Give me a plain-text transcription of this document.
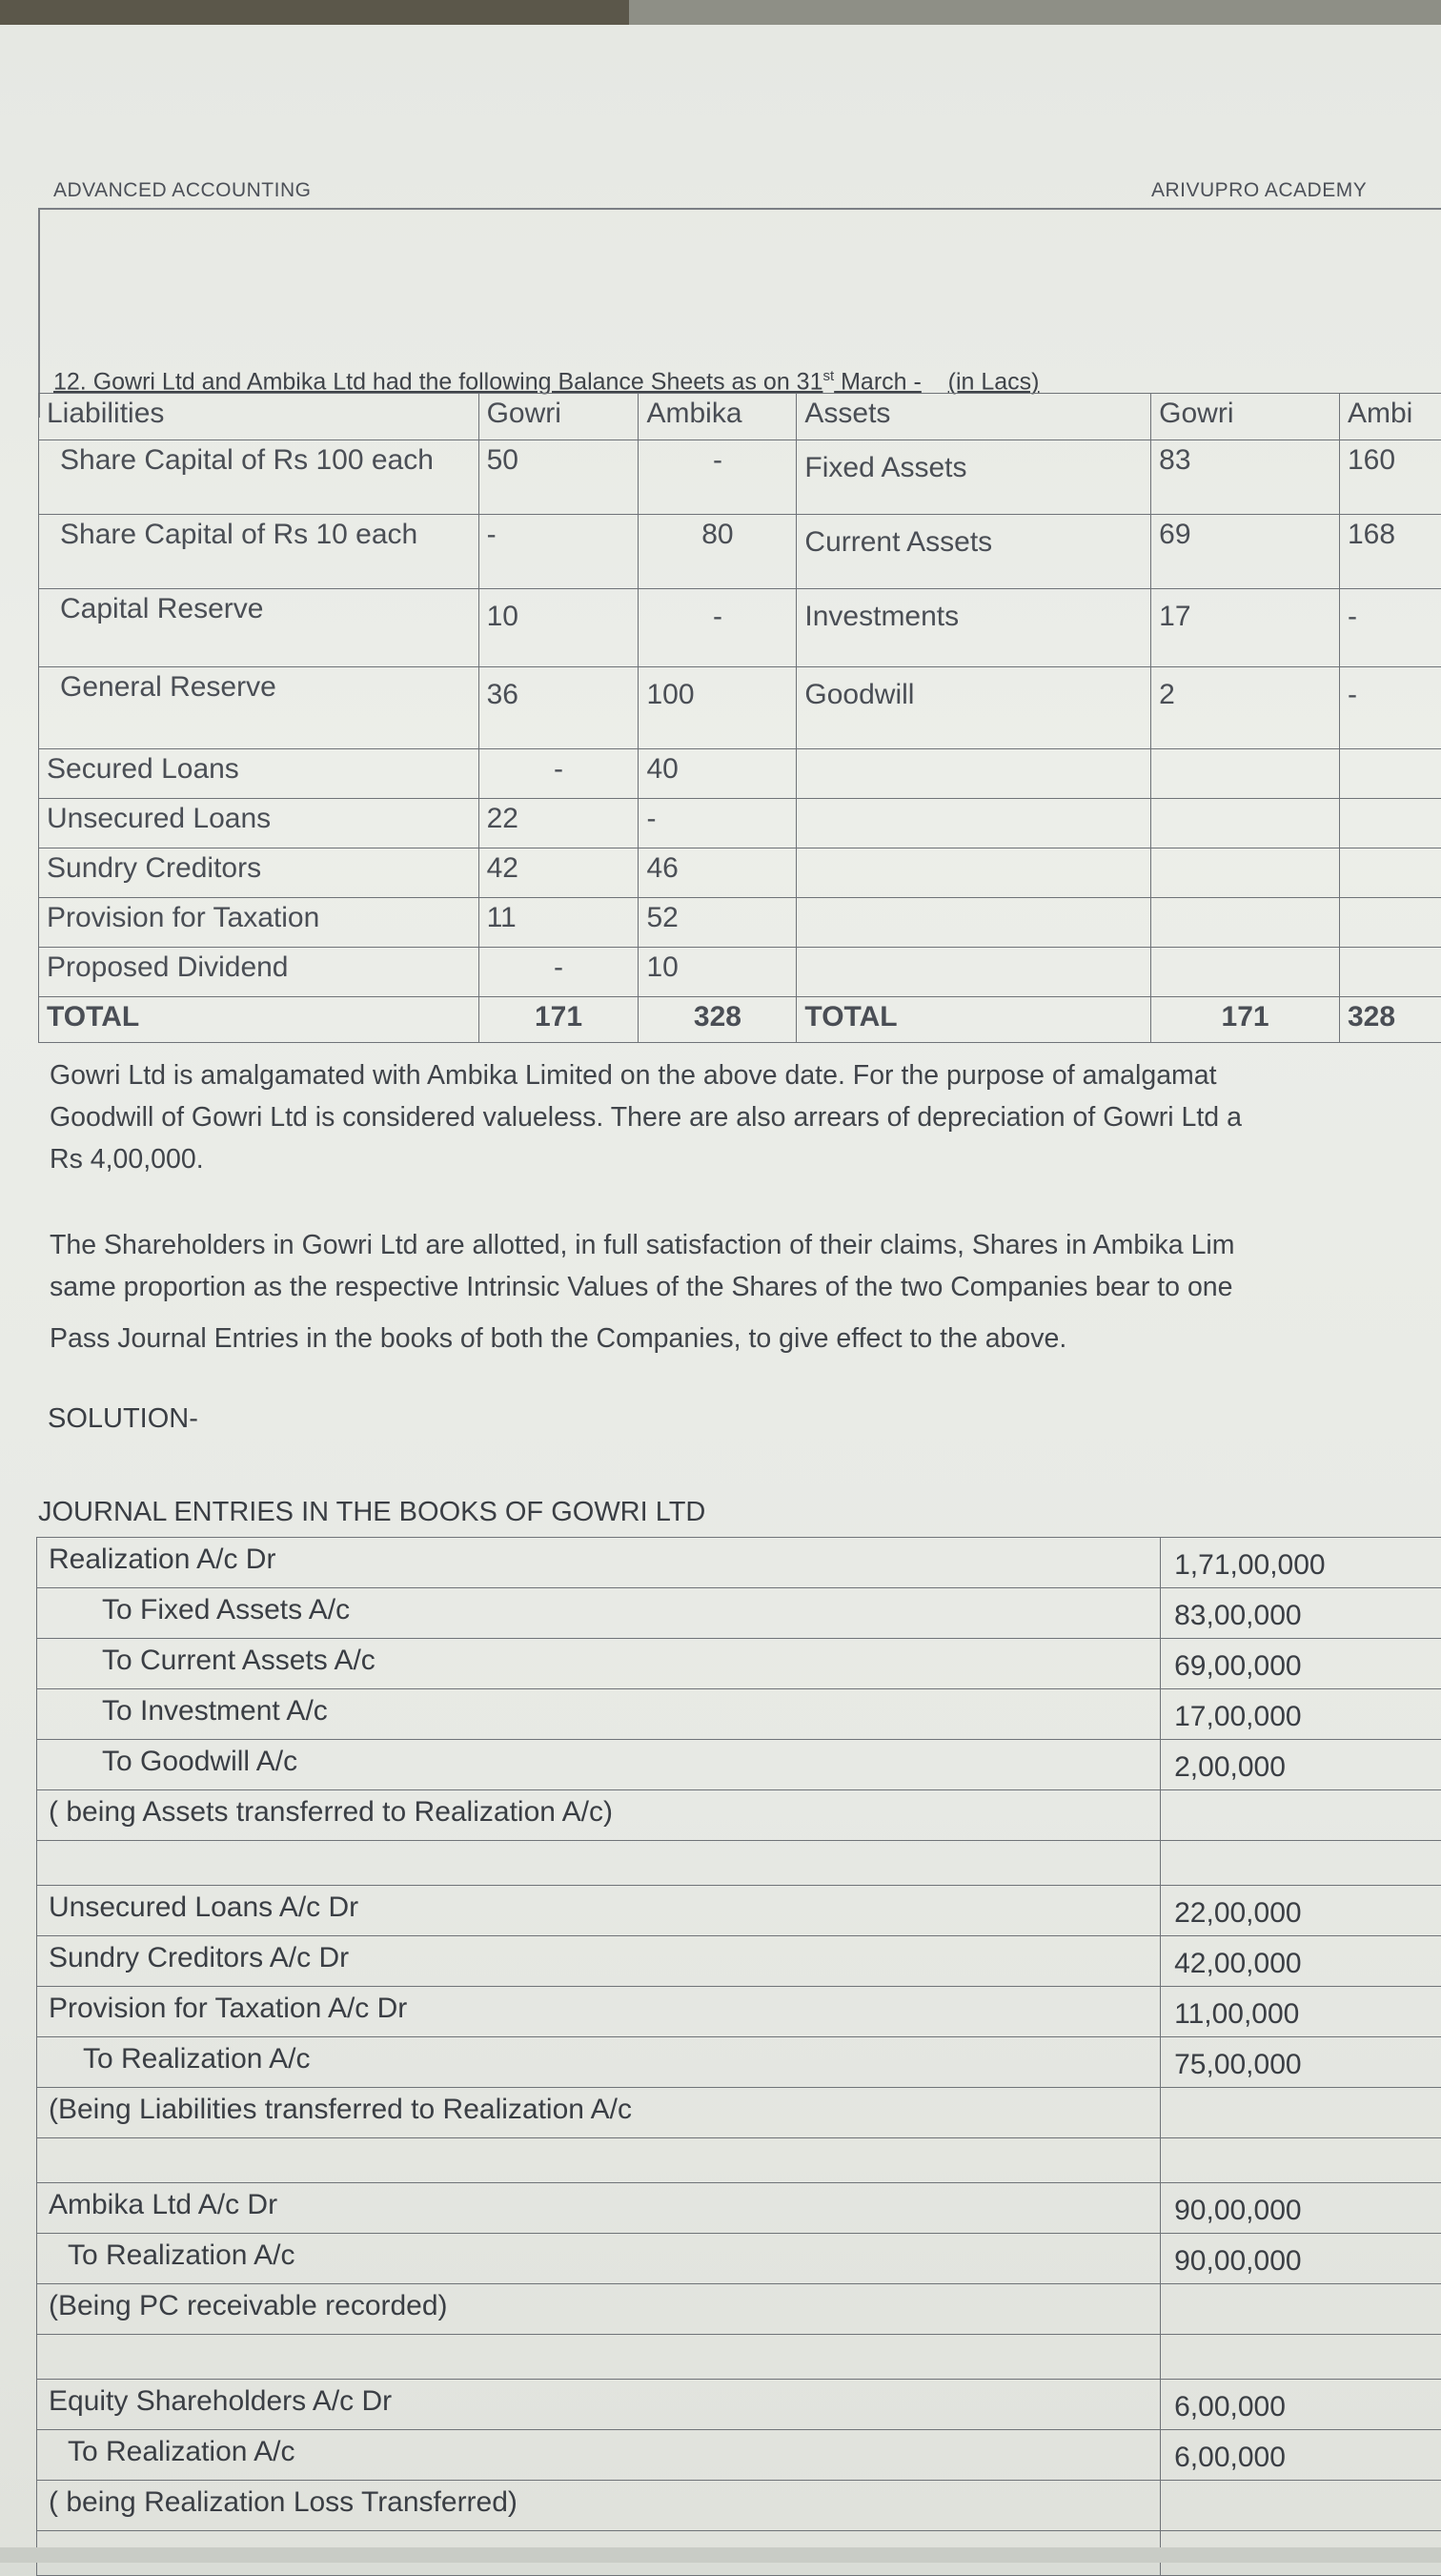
ADVANCED ACCOUNTING	ARIVUPRO ACADEMY
12. Gowri Ltd and Ambika Ltd had the following Balance Sheets as on 31st March - (in Lacs)
Liabilities	Gowri	Ambika	Assets	Gowri	Ambi
Share Capital of Rs 100 each	50	-	Fixed Assets	83	160
Share Capital of Rs 10 each	-	80	Current Assets	69	168
Capital Reserve	10	-	Investments	17	-
General Reserve	36	100	Goodwill	2	-
Secured Loans	-	40			
Unsecured Loans	22	-			
Sundry Creditors	42	46			
Provision for Taxation	11	52			
Proposed Dividend	-	10			
TOTAL	171	328	TOTAL	171	328
Gowri Ltd is amalgamated with Ambika Limited on the above date. For the purpose of amalgamat
Goodwill of Gowri Ltd is considered valueless. There are also arrears of depreciation of Gowri Ltd a
Rs 4,00,000.
The Shareholders in Gowri Ltd are allotted, in full satisfaction of their claims, Shares in Ambika Lim
same proportion as the respective Intrinsic Values of the Shares of the two Companies bear to one
Pass Journal Entries in the books of both the Companies, to give effect to the above.
SOLUTION-
JOURNAL ENTRIES IN THE BOOKS OF GOWRI LTD
Realization A/c Dr	1,71,00,000
To Fixed Assets A/c	83,00,000
To Current Assets A/c	69,00,000
To Investment A/c	17,00,000
To Goodwill A/c	2,00,000
( being Assets transferred to Realization A/c)	

Unsecured Loans A/c Dr	22,00,000
Sundry Creditors A/c Dr	42,00,000
Provision for Taxation A/c Dr	11,00,000
To Realization A/c	75,00,000
(Being Liabilities transferred to Realization A/c	

Ambika Ltd A/c Dr	90,00,000
To Realization A/c	90,00,000
(Being PC receivable recorded)	

Equity Shareholders A/c Dr	6,00,000
To Realization A/c	6,00,000
( being Realization Loss Transferred)	
